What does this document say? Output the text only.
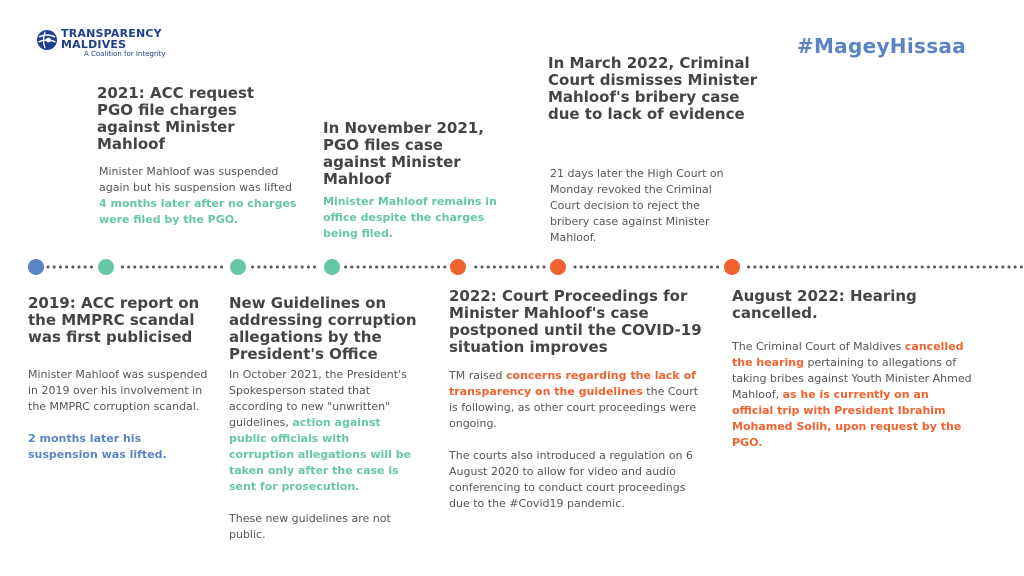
TRANSPARENCY
MALDIVES
A Coalition for Integrity	#MageyHissaa
2021: ACC request PGO file charges against Minister Mahloof

Minister Mahloof was suspended again but his suspension was lifted 4 months later after no charges were filed by the PGO.

In November 2021, PGO files case against Minister Mahloof

Minister Mahloof remains in office despite the charges being filed.

In March 2022, Criminal Court dismisses Minister Mahloof's bribery case due to lack of evidence

21 days later the High Court on Monday revoked the Criminal Court decision to reject the bribery case against Minister Mahloof.

2019: ACC report on the MMPRC scandal was first publicised

Minister Mahloof was suspended in 2019 over his involvement in the MMPRC corruption scandal.

2 months later his suspension was lifted.

New Guidelines on addressing corruption allegations by the President's Office

In October 2021, the President's Spokesperson stated that according to new "unwritten" guidelines, action against public officials with corruption allegations will be taken only after the case is sent for prosecution.

These new guidelines are not public.

2022: Court Proceedings for Minister Mahloof's case postponed until the COVID-19 situation improves

TM raised concerns regarding the lack of transparency on the guidelines the Court is following, as other court proceedings were ongoing.

The courts also introduced a regulation on 6 August 2020 to allow for video and audio conferencing to conduct court proceedings due to the #Covid19 pandemic.

August 2022: Hearing cancelled.

The Criminal Court of Maldives cancelled the hearing pertaining to allegations of taking bribes against Youth Minister Ahmed Mahloof, as he is currently on an official trip with President Ibrahim Mohamed Solih, upon request by the PGO.
